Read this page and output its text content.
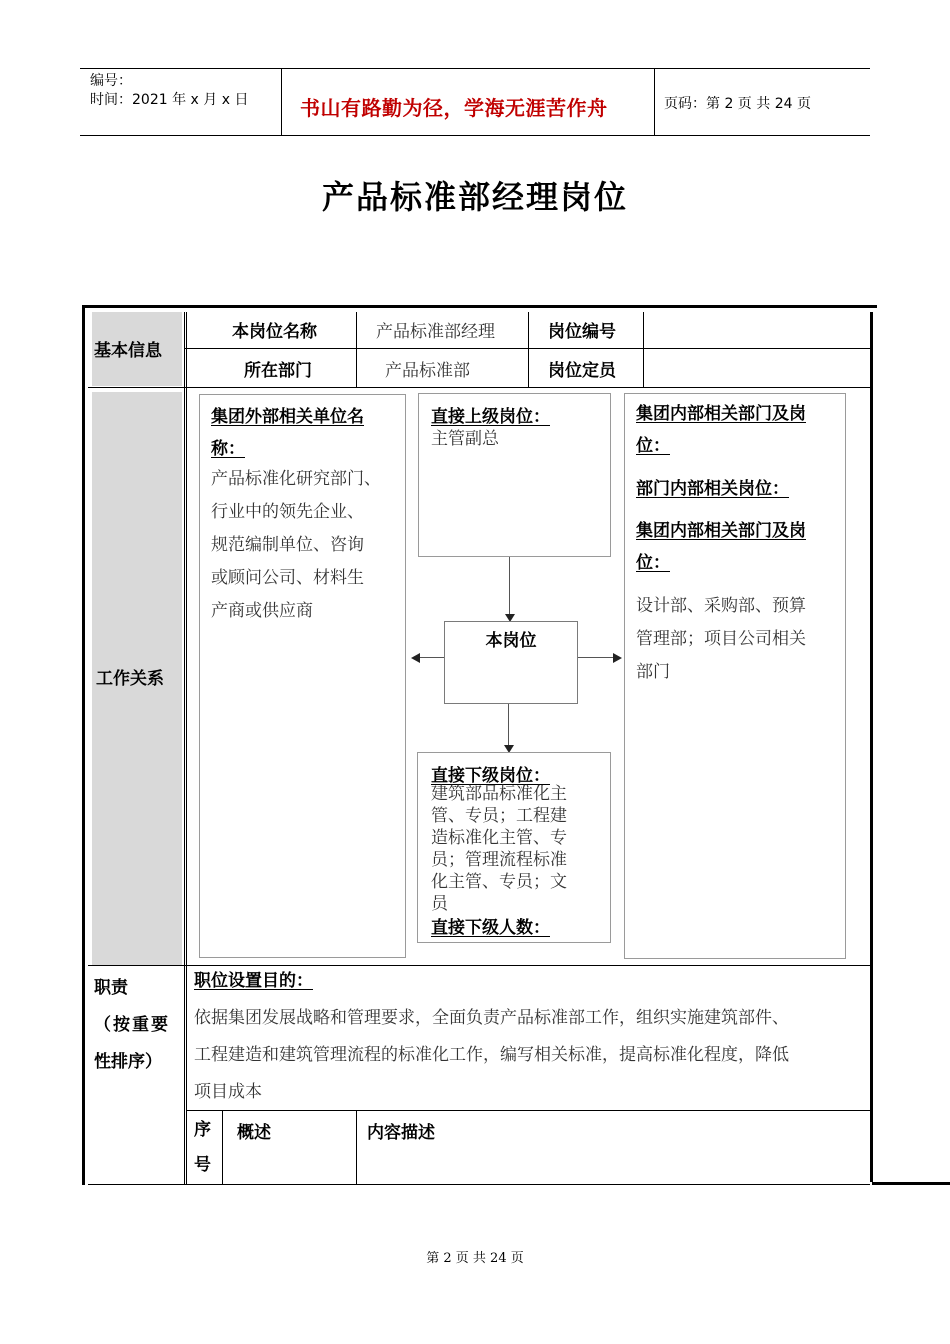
编号：
时间：2021 年 x 月 x 日	书山有路勤为径，学海无涯苦作舟	页码：第 2 页 共 24 页
产品标准部经理岗位
基本信息
本岗位名称	产品标准部经理	岗位编号
所在部门	产品标准部	岗位定员
工作关系
集团外部相关单位名
称：
产品标准化研究部门、
行业中的领先企业、
规范编制单位、咨询
或顾问公司、材料生
产商或供应商
直接上级岗位：
主管副总
本岗位
直接下级岗位：
建筑部品标准化主
管、专员；工程建
造标准化主管、专
员；管理流程标准
化主管、专员；文
员
直接下级人数：
集团内部相关部门及岗
位：
部门内部相关岗位：
集团内部相关部门及岗
位：
设计部、采购部、预算
管理部；项目公司相关
部门
职责
（按重要
性排序）
职位设置目的：
依据集团发展战略和管理要求，全面负责产品标准部工作，组织实施建筑部件、
工程建造和建筑管理流程的标准化工作，编写相关标准，提高标准化程度，降低
项目成本
序
号
概述	内容描述
第 2 页 共 24 页
